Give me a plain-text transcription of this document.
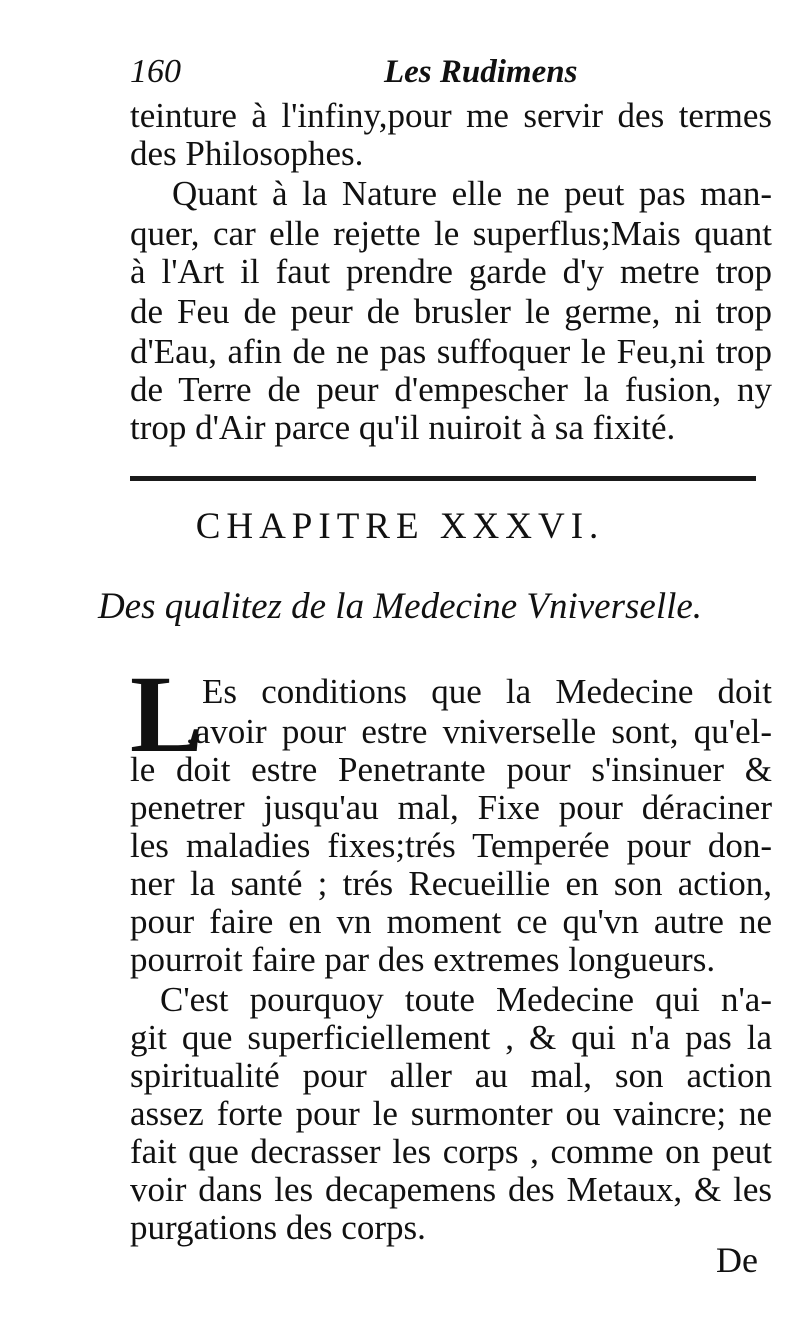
160	Les Rudimens
teinture à l'infiny,pour me servir des termes
des Philosophes.
Quant à la Nature elle ne peut pas man-
quer, car elle rejette le superflus;Mais quant
à l'Art il faut prendre garde d'y metre trop
de Feu de peur de brusler le germe, ni trop
d'Eau, afin de ne pas suffoquer le Feu,ni trop
de Terre de peur d'empescher la fusion, ny
trop d'Air parce qu'il nuiroit à sa fixité.
CHAPITRE XXXVI.
Des qualitez de la Medecine Vniverselle.
L
Es conditions que la Medecine doit
,avoir pour estre vniverselle sont, qu'el-
le doit estre Penetrante pour s'insinuer &
penetrer jusqu'au mal, Fixe pour déraciner
les maladies fixes;trés Temperée pour don-
ner la santé ; trés Recueillie en son action,
pour faire en vn moment ce qu'vn autre ne
pourroit faire par des extremes longueurs.
C'est pourquoy toute Medecine qui n'a-
git que superficiellement , & qui n'a pas la
spiritualité pour aller au mal, son action
assez forte pour le surmonter ou vaincre; ne
fait que decrasser les corps , comme on peut
voir dans les decapemens des Metaux, & les
purgations des corps.
De
